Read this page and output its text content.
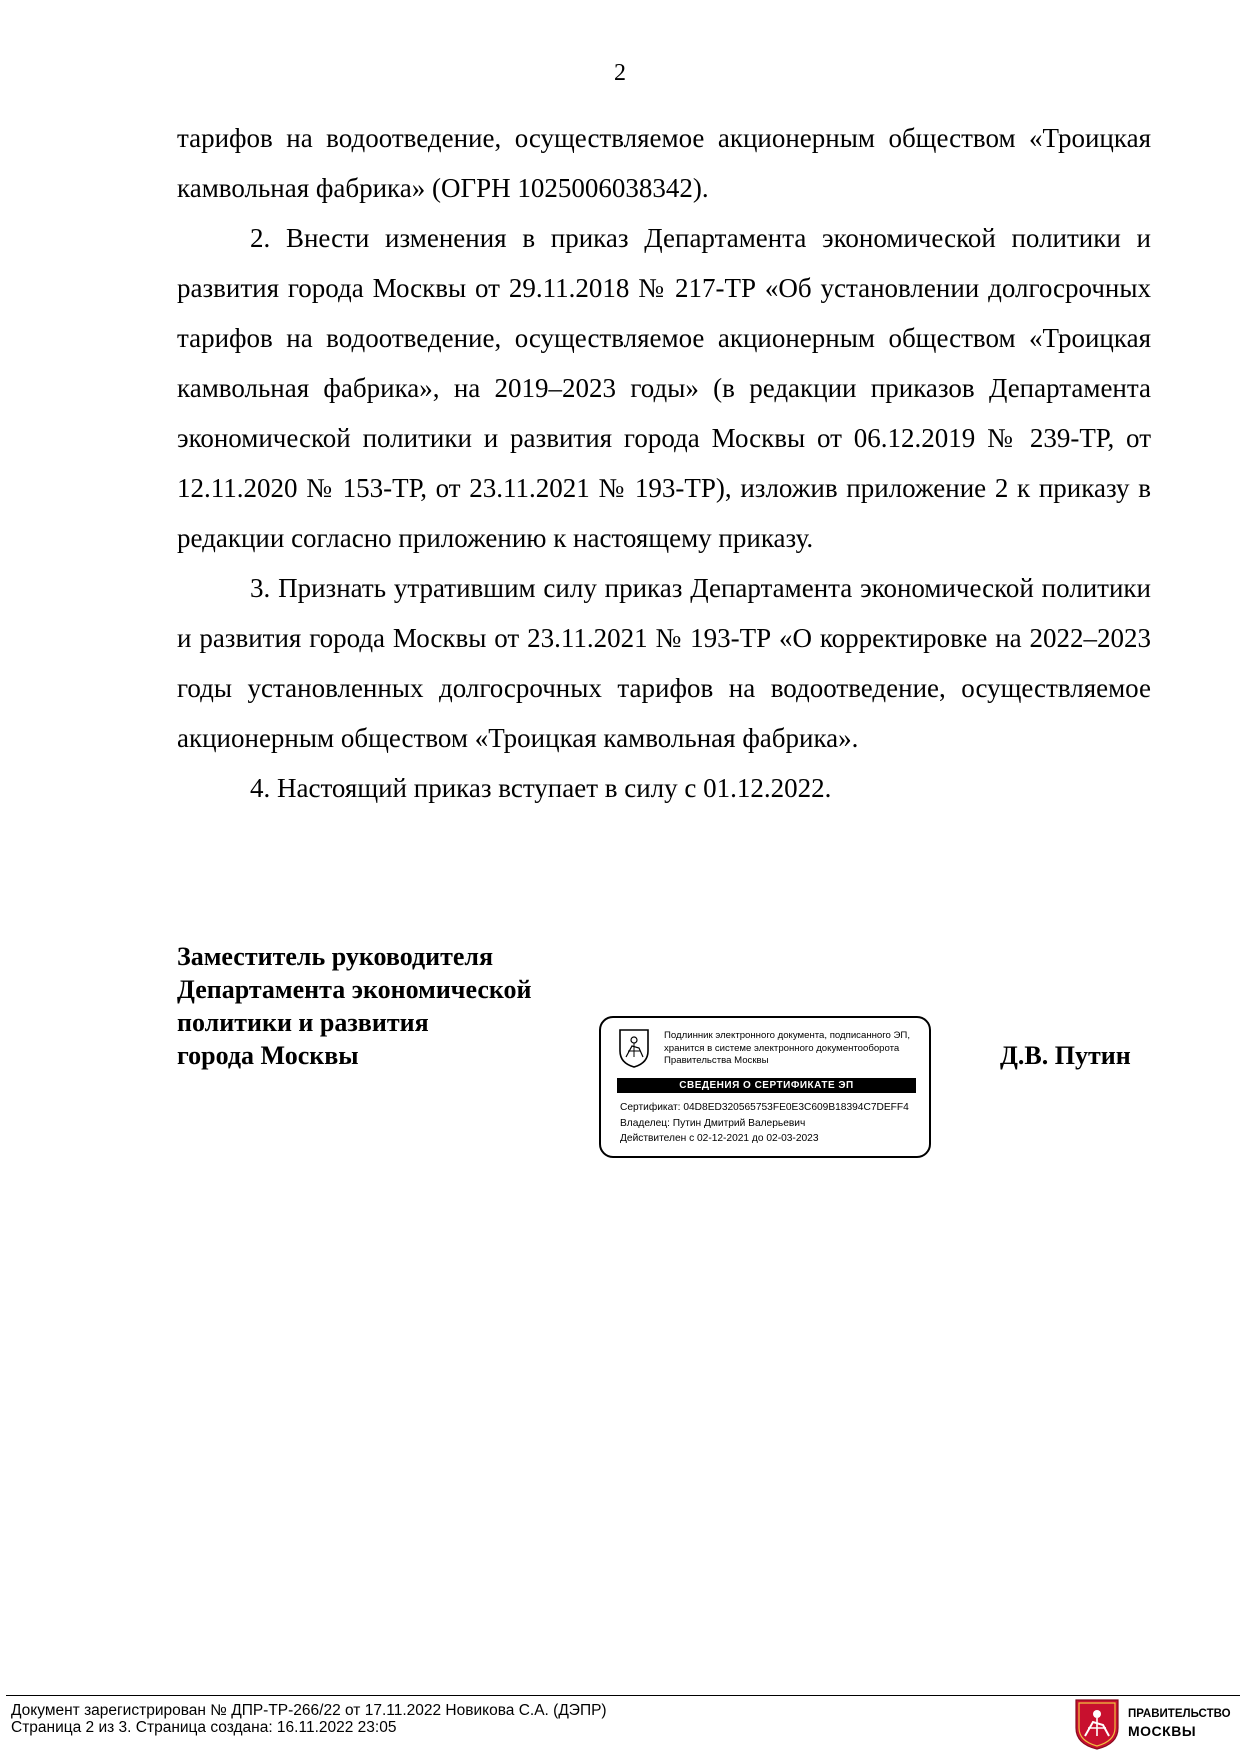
2

тарифов на водоотведение, осуществляемое акционерным обществом «Троицкая камвольная фабрика» (ОГРН 1025006038342).

2. Внести изменения в приказ Департамента экономической политики и развития города Москвы от 29.11.2018 № 217-ТР «Об установлении долгосрочных тарифов на водоотведение, осуществляемое акционерным обществом «Троицкая камвольная фабрика», на 2019–2023 годы» (в редакции приказов Департамента экономической политики и развития города Москвы от 06.12.2019 № 239-ТР, от 12.11.2020 № 153-ТР, от 23.11.2021 № 193-ТР), изложив приложение 2 к приказу в редакции согласно приложению к настоящему приказу.

3. Признать утратившим силу приказ Департамента экономической политики и развития города Москвы от 23.11.2021 № 193-ТР «О корректировке на 2022–2023 годы установленных долгосрочных тарифов на водоотведение, осуществляемое акционерным обществом «Троицкая камвольная фабрика».

4. Настоящий приказ вступает в силу с 01.12.2022.

Заместитель руководителя
Департамента экономической
политики и развития
города Москвы
Подлинник электронного документа, подписанного ЭП,
хранится в системе электронного документооборота
Правительства Москвы
СВЕДЕНИЯ О СЕРТИФИКАТЕ ЭП
Сертификат: 04D8ED320565753FE0E3C609B18394C7DEFF4
Владелец: Путин Дмитрий Валерьевич
Действителен с 02-12-2021 до 02-03-2023
Д.В. Путин
Документ зарегистрирован № ДПР-ТР-266/22 от 17.11.2022 Новикова С.А. (ДЭПР)
Страница 2 из 3. Страница создана: 16.11.2022 23:05
ПРАВИТЕЛЬСТВО
МОСКВЫ
